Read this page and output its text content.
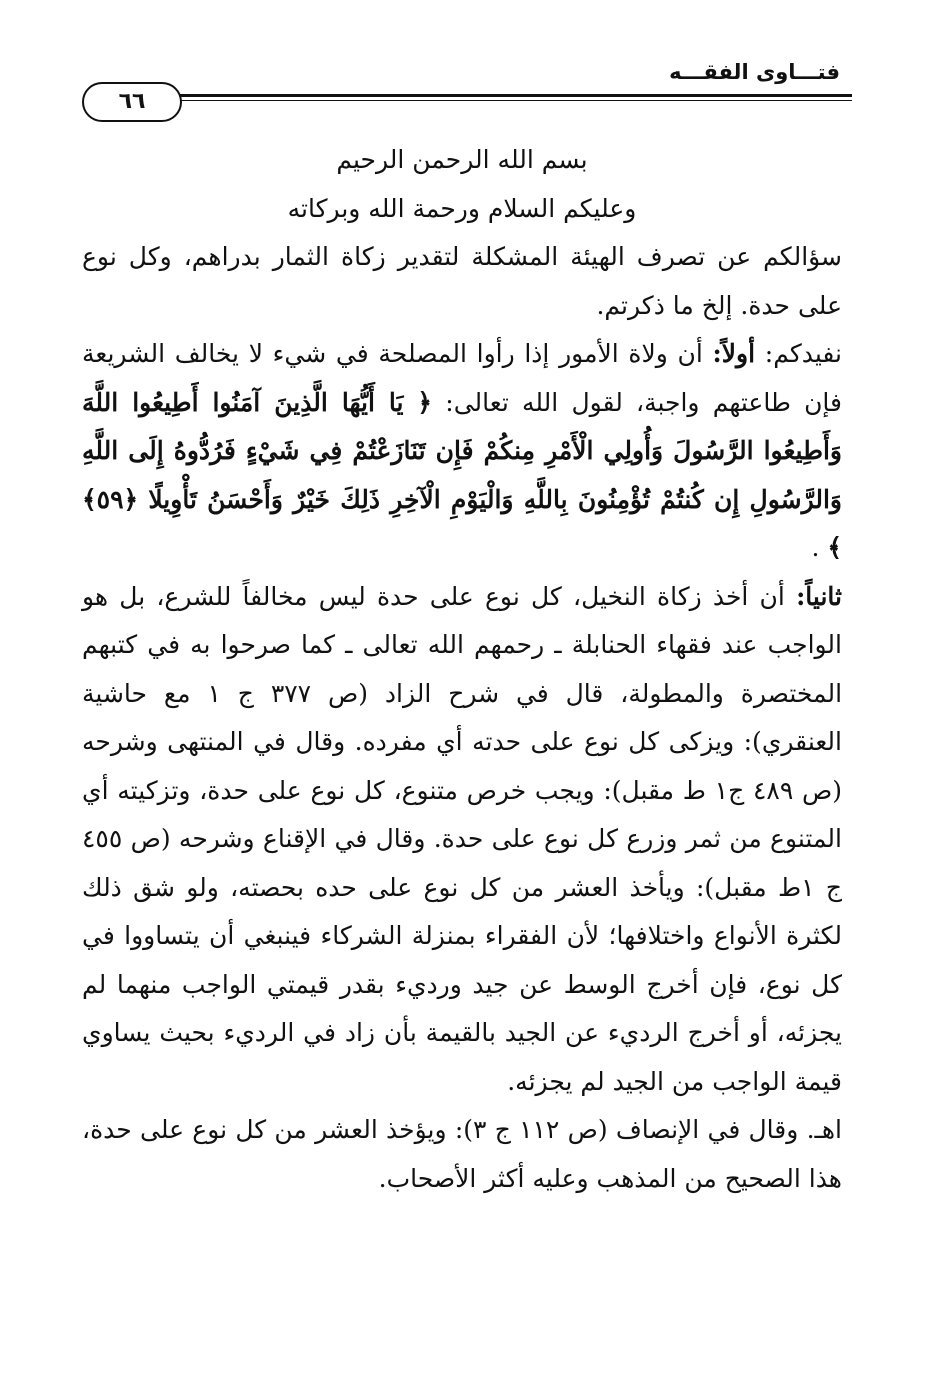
فتـــاوى الفقـــه
٦٦
بسم الله الرحمن الرحيم
وعليكم السلام ورحمة الله وبركاته

سؤالكم عن تصرف الهيئة المشكلة لتقدير زكاة الثمار بدراهم، وكل نوع على حدة. إلخ ما ذكرتم.

نفيدكم: أولاً: أن ولاة الأمور إذا رأوا المصلحة في شيء لا يخالف الشريعة فإن طاعتهم واجبة، لقول الله تعالى: ﴿ يَا أَيُّهَا الَّذِينَ آمَنُوا أَطِيعُوا اللَّهَ وَأَطِيعُوا الرَّسُولَ وَأُولِي الْأَمْرِ مِنكُمْ فَإِن تَنَازَعْتُمْ فِي شَيْءٍ فَرُدُّوهُ إِلَى اللَّهِ وَالرَّسُولِ إِن كُنتُمْ تُؤْمِنُونَ بِاللَّهِ وَالْيَوْمِ الْآخِرِ ذَلِكَ خَيْرٌ وَأَحْسَنُ تَأْوِيلًا ﴿٥٩﴾ ﴾ .

ثانياً: أن أخذ زكاة النخيل، كل نوع على حدة ليس مخالفاً للشرع، بل هو الواجب عند فقهاء الحنابلة ـ رحمهم الله تعالى ـ كما صرحوا به في كتبهم المختصرة والمطولة، قال في شرح الزاد (ص ٣٧٧ ج ١ مع حاشية العنقري): ويزكى كل نوع على حدته أي مفرده. وقال في المنتهى وشرحه (ص ٤٨٩ ج١ ط مقبل): ويجب خرص متنوع، كل نوع على حدة، وتزكيته أي المتنوع من ثمر وزرع كل نوع على حدة. وقال في الإقناع وشرحه (ص ٤٥٥ ج ١ط مقبل): ويأخذ العشر من كل نوع على حده بحصته، ولو شق ذلك لكثرة الأنواع واختلافها؛ لأن الفقراء بمنزلة الشركاء فينبغي أن يتساووا في كل نوع، فإن أخرج الوسط عن جيد ورديء بقدر قيمتي الواجب منهما لم يجزئه، أو أخرج الرديء عن الجيد بالقيمة بأن زاد في الرديء بحيث يساوي قيمة الواجب من الجيد لم يجزئه.

اهـ. وقال في الإنصاف (ص ١١٢ ج ٣): ويؤخذ العشر من كل نوع على حدة، هذا الصحيح من المذهب وعليه أكثر الأصحاب.
